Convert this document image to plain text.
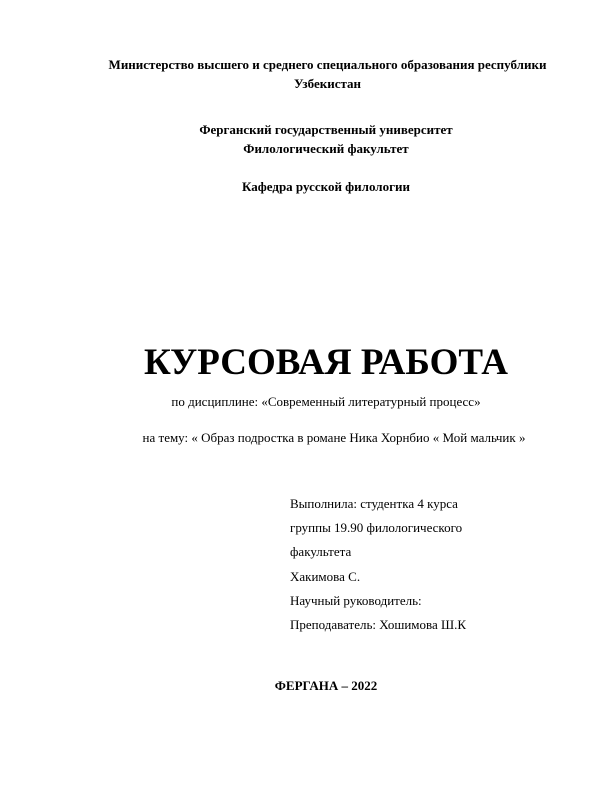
Министерство высшего и среднего специального образования республики
Узбекистан
Ферганский государственный университет
Филологический факультет
Кафедра русской филологии
КУРСОВАЯ РАБОТА
по дисциплине: «Современный литературный процесс»
на тему: « Образ подростка в романе Ника Хорнбио « Мой мальчик »
Выполнила: студентка 4 курса
группы 19.90 филологического
факультета
Хакимова С.
Научный руководитель:
Преподаватель: Хошимова Ш.К
ФЕРГАНА – 2022
